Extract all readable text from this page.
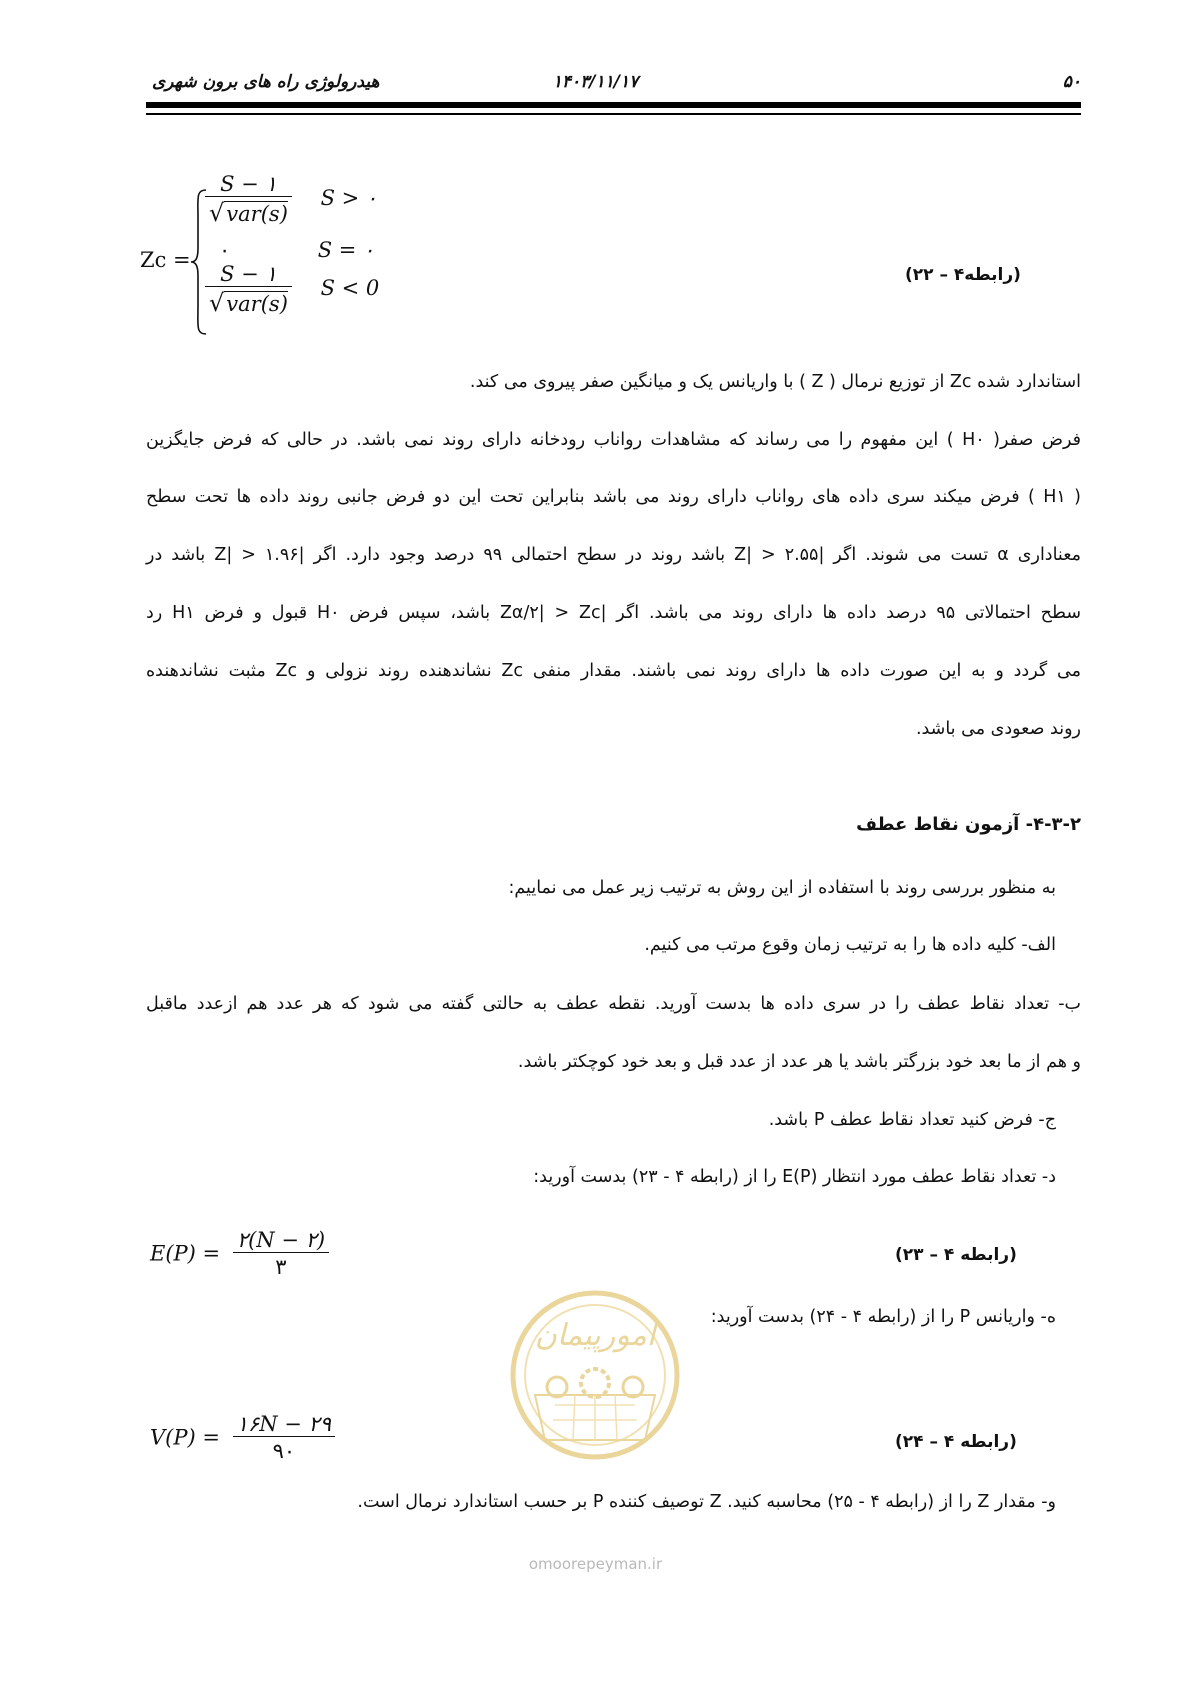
۵۰
۱۴۰۳/۱۱/۱۷
هیدرولوژی راه های برون شهری
Zc =
$\frac{S - ۱}{\text{√var(s)}}$ S > ۰
۰	S = ۰
$\frac{S - ۱}{\text{√var(s)}}$ S < 0
(رابطه۴ – ۲۲)
استاندارد شده Zc از توزیع نرمال ( Z ) با واریانس یک و میانگین صفر پیروی می کند.
فرض صفر( H۰ ) این مفهوم را می رساند که مشاهدات رواناب رودخانه دارای روند نمی باشد. در حالی که فرض جایگزین
( H۱ ) فرض میکند سری داده های رواناب دارای روند می باشد بنابراین تحت این دو فرض جانبی روند داده ها تحت سطح
معناداری α تست می شوند. اگر |Z| > ۲.۵۵ باشد روند در سطح احتمالی ۹۹ درصد وجود دارد. اگر |Z| > ۱.۹۶ باشد در
سطح احتمالاتی ۹۵ درصد داده ها دارای روند می باشد. اگر |Zα/۲| > Zc باشد، سپس فرض H۰ قبول و فرض H۱ رد
می گردد و به این صورت داده ها دارای روند نمی باشند. مقدار منفی Zc نشاندهنده روند نزولی و Zc مثبت نشاندهنده
روند صعودی می باشد.
۴-۳-۲- آزمون نقاط عطف
به منظور بررسی روند با استفاده از این روش به ترتیب زیر عمل می نماییم:
الف- کلیه داده ها را به ترتیب زمان وقوع مرتب می کنیم.
ب- تعداد نقاط عطف را در سری داده ها بدست آورید. نقطه عطف به حالتی گفته می شود که هر عدد هم ازعدد ماقبل
و هم از ما بعد خود بزرگتر باشد یا هر عدد از عدد قبل و بعد خود کوچکتر باشد.
ج- فرض کنید تعداد نقاط عطف P باشد.
د- تعداد نقاط عطف مورد انتظار E(P) را از (رابطه ۴ - ۲۳) بدست آورید:
$E(P) = \frac{۲(N - ۲)}{۳}$	(رابطه ۴ – ۲۳)
ه- واریانس P را از (رابطه ۴ - ۲۴) بدست آورید:
$V(P) = \frac{۱۶N - ۲۹}{۹۰}$	(رابطه ۴ – ۲۴)
و- مقدار Z را از (رابطه ۴ - ۲۵) محاسبه کنید. Z توصیف کننده P بر حسب استاندارد نرمال است.
امورپیمان
omoorepeyman.ir
